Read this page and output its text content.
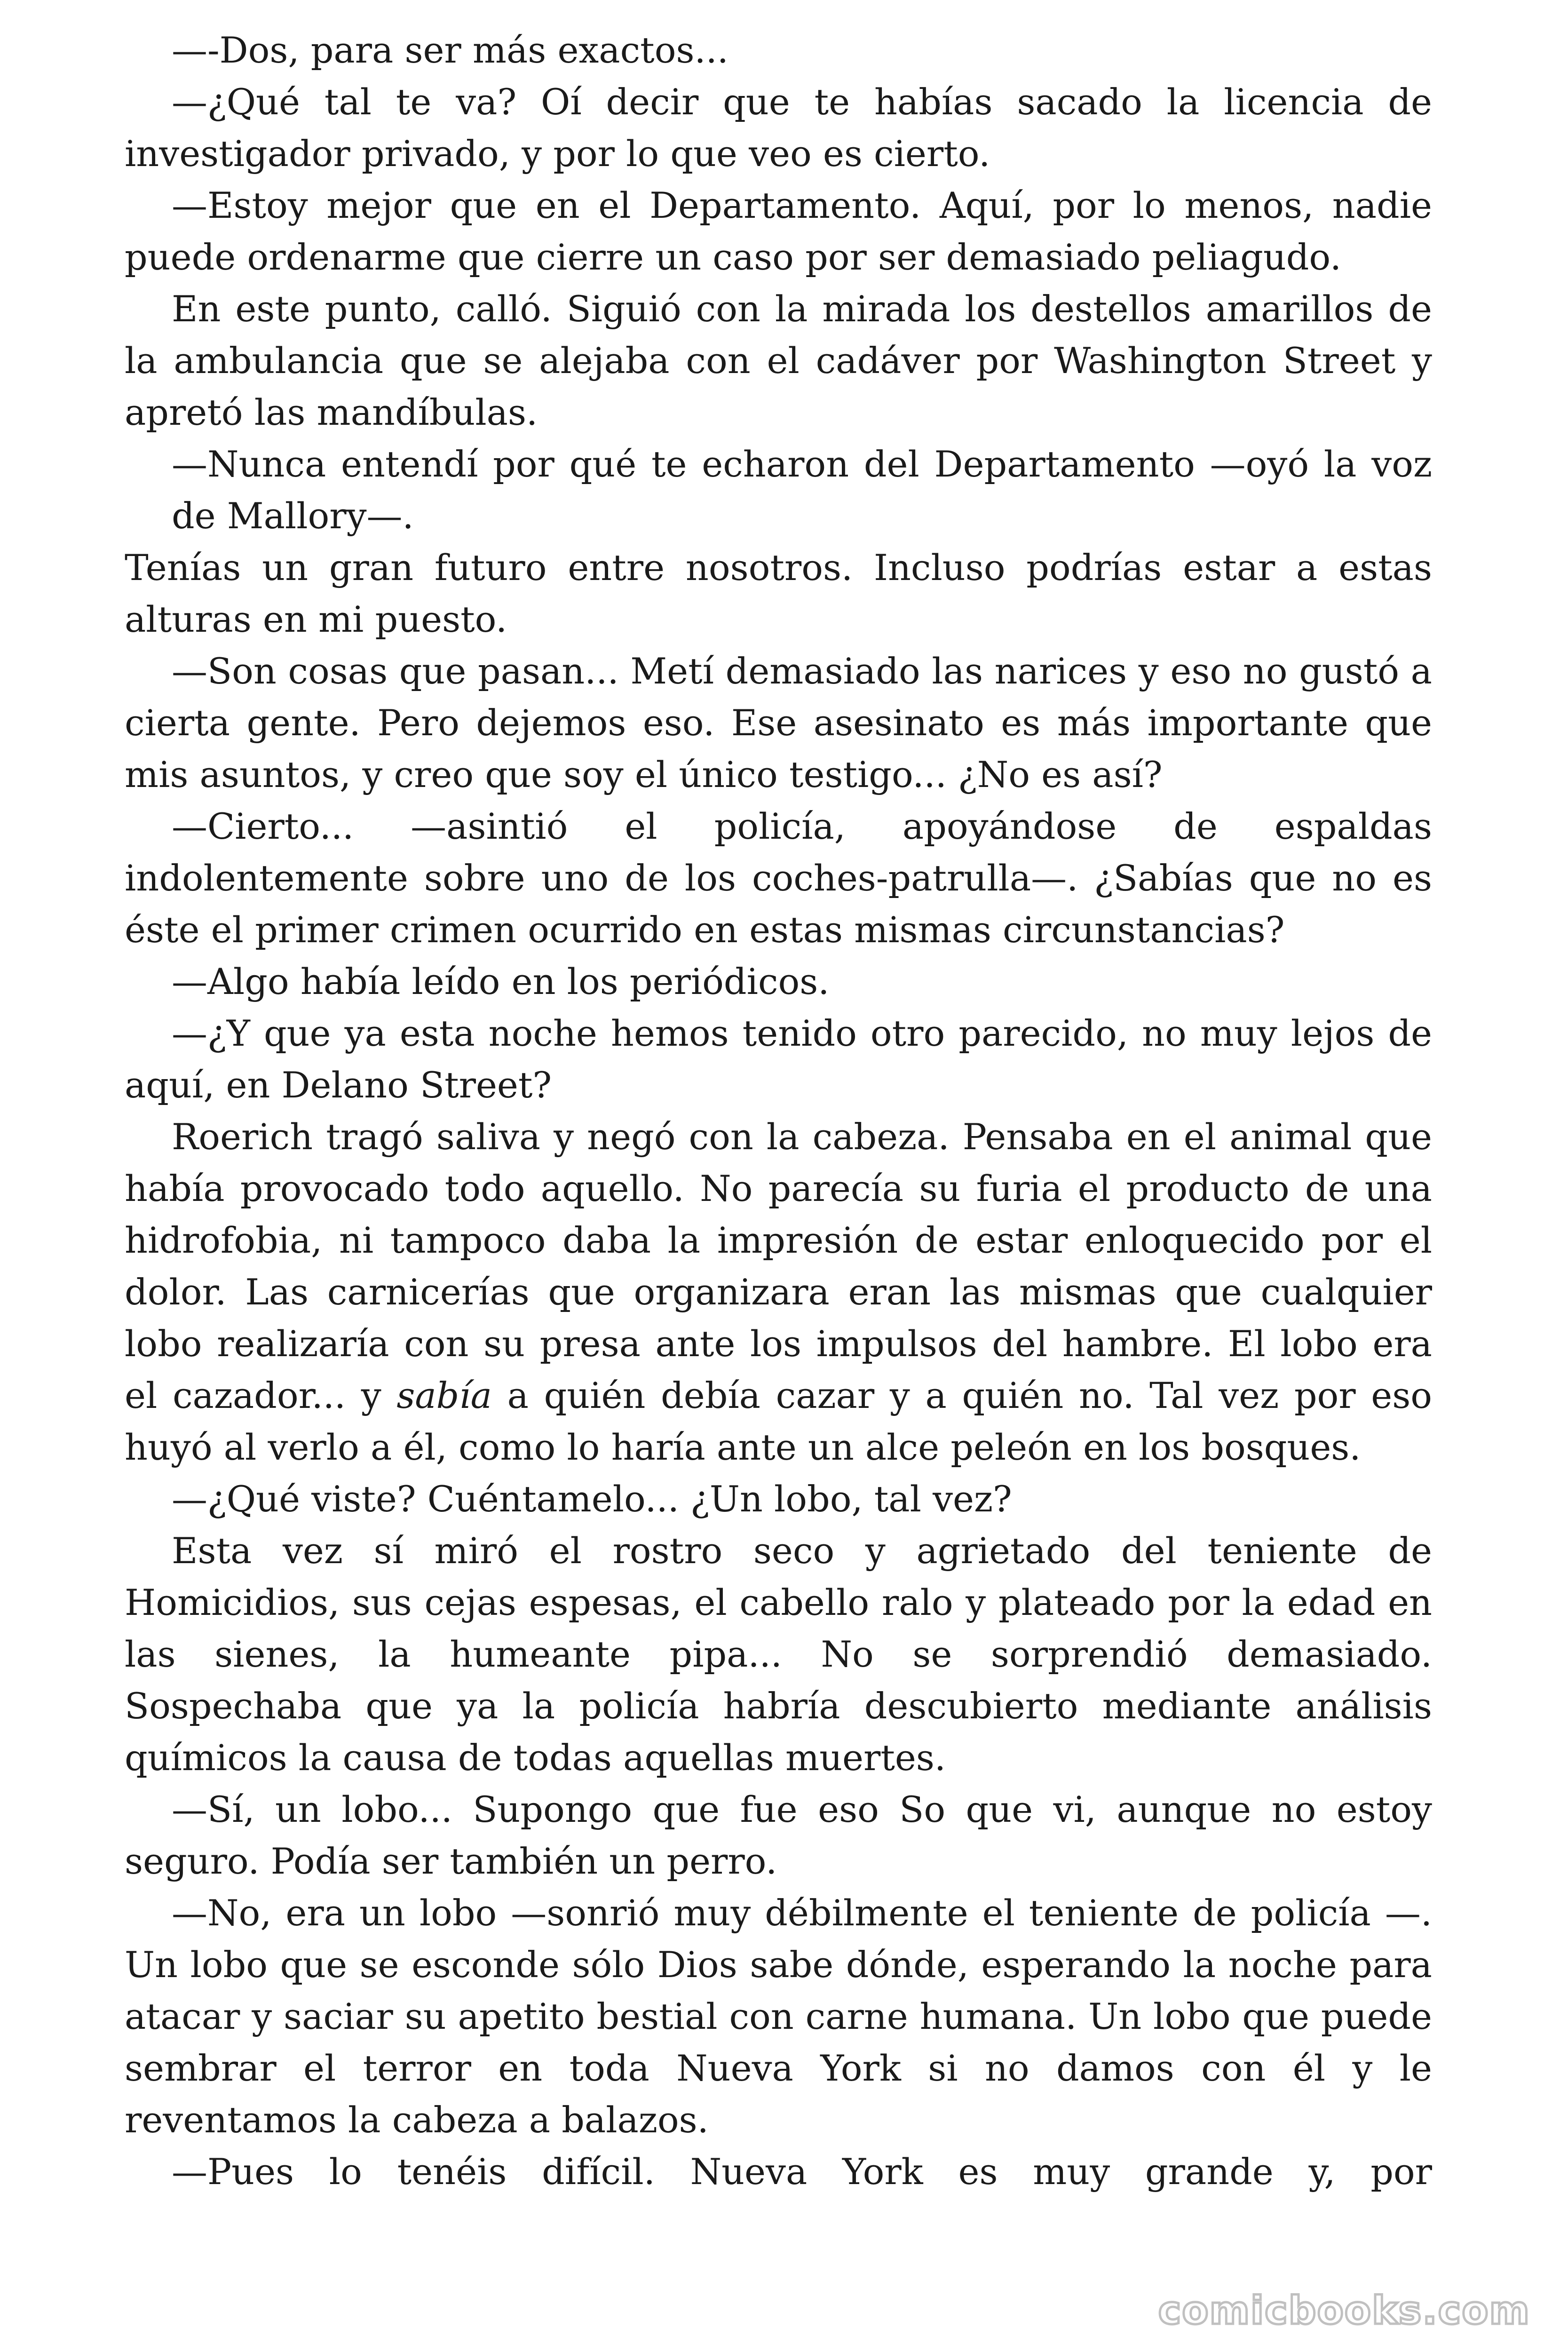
—-Dos, para ser más exactos...

—¿Qué tal te va? Oí decir que te habías sacado la licencia de investigador privado, y por lo que veo es cierto.

—Estoy mejor que en el Departamento. Aquí, por lo menos, nadie puede ordenarme que cierre un caso por ser demasiado peliagudo.

En este punto, calló. Siguió con la mirada los destellos amarillos de la ambulancia que se alejaba con el cadáver por Washington Street y apretó las mandíbulas.

—Nunca entendí por qué te echaron del Departamento —oyó la voz de Mallory—.

Tenías un gran futuro entre nosotros. Incluso podrías estar a estas alturas en mi puesto.

—Son cosas que pasan... Metí demasiado las narices y eso no gustó a cierta gente. Pero dejemos eso. Ese asesinato es más importante que mis asuntos, y creo que soy el único testigo... ¿No es así?

—Cierto... —asintió el policía, apoyándose de espaldas indolentemente sobre uno de los coches-patrulla—. ¿Sabías que no es éste el primer crimen ocurrido en estas mismas circunstancias?

—Algo había leído en los periódicos.

—¿Y que ya esta noche hemos tenido otro parecido, no muy lejos de aquí, en Delano Street?

Roerich tragó saliva y negó con la cabeza. Pensaba en el animal que había provocado todo aquello. No parecía su furia el producto de una hidrofobia, ni tampoco daba la impresión de estar enloquecido por el dolor. Las carnicerías que organizara eran las mismas que cualquier lobo realizaría con su presa ante los impulsos del hambre. El lobo era el cazador... y sabía a quién debía cazar y a quién no. Tal vez por eso huyó al verlo a él, como lo haría ante un alce peleón en los bosques.

—¿Qué viste? Cuéntamelo... ¿Un lobo, tal vez?

Esta vez sí miró el rostro seco y agrietado del teniente de Homicidios, sus cejas espesas, el cabello ralo y plateado por la edad en las sienes, la humeante pipa... No se sorprendió demasiado. Sospechaba que ya la policía habría descubierto mediante análisis químicos la causa de todas aquellas muertes.

—Sí, un lobo... Supongo que fue eso So que vi, aunque no estoy seguro. Podía ser también un perro.

—No, era un lobo —sonrió muy débilmente el teniente de policía —. Un lobo que se esconde sólo Dios sabe dónde, esperando la noche para atacar y saciar su apetito bestial con carne humana. Un lobo que puede sembrar el terror en toda Nueva York si no damos con él y le reventamos la cabeza a balazos.

—Pues lo tenéis difícil. Nueva York es muy grande y, por

comicbooks.com
